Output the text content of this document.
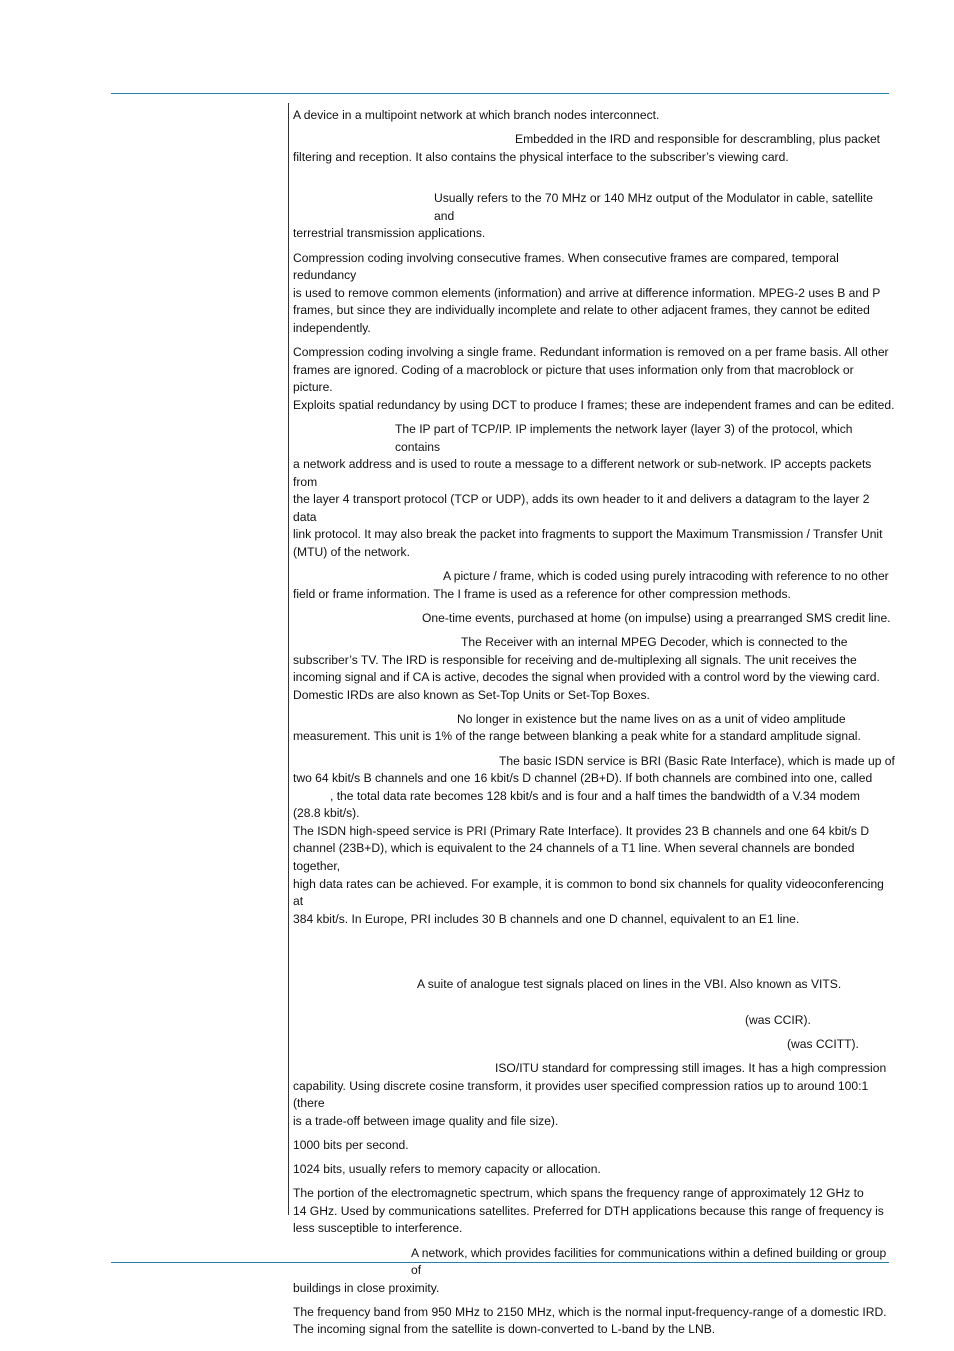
A device in a multipoint network at which branch nodes interconnect.
Embedded in the IRD and responsible for descrambling, plus packet
filtering and reception. It also contains the physical interface to the subscriber’s viewing card.
Usually refers to the 70 MHz or 140 MHz output of the Modulator in cable, satellite and
terrestrial transmission applications.
Compression coding involving consecutive frames. When consecutive frames are compared, temporal redundancy
is used to remove common elements (information) and arrive at difference information. MPEG-2 uses B and P
frames, but since they are individually incomplete and relate to other adjacent frames, they cannot be edited
independently.
Compression coding involving a single frame. Redundant information is removed on a per frame basis. All other
frames are ignored. Coding of a macroblock or picture that uses information only from that macroblock or picture.
Exploits spatial redundancy by using DCT to produce I frames; these are independent frames and can be edited.
The IP part of TCP/IP. IP implements the network layer (layer 3) of the protocol, which contains
a network address and is used to route a message to a different network or sub-network. IP accepts packets from
the layer 4 transport protocol (TCP or UDP), adds its own header to it and delivers a datagram to the layer 2 data
link protocol. It may also break the packet into fragments to support the Maximum Transmission / Transfer Unit
(MTU) of the network.
A picture / frame, which is coded using purely intracoding with reference to no other
field or frame information. The I frame is used as a reference for other compression methods.
One-time events, purchased at home (on impulse) using a prearranged SMS credit line.
The Receiver with an internal MPEG Decoder, which is connected to the
subscriber’s TV. The IRD is responsible for receiving and de-multiplexing all signals. The unit receives the
incoming signal and if CA is active, decodes the signal when provided with a control word by the viewing card.
Domestic IRDs are also known as Set-Top Units or Set-Top Boxes.
No longer in existence but the name lives on as a unit of video amplitude
measurement. This unit is 1% of the range between blanking a peak white for a standard amplitude signal.
The basic ISDN service is BRI (Basic Rate Interface), which is made up of
two 64 kbit/s B channels and one 16 kbit/s D channel (2B+D). If both channels are combined into one, called
, the total data rate becomes 128 kbit/s and is four and a half times the bandwidth of a V.34 modem
(28.8 kbit/s).
The ISDN high-speed service is PRI (Primary Rate Interface). It provides 23 B channels and one 64 kbit/s D
channel (23B+D), which is equivalent to the 24 channels of a T1 line. When several channels are bonded together,
high data rates can be achieved. For example, it is common to bond six channels for quality videoconferencing at
384 kbit/s. In Europe, PRI includes 30 B channels and one D channel, equivalent to an E1 line.
A suite of analogue test signals placed on lines in the VBI. Also known as VITS.
(was CCIR).
(was CCITT).
ISO/ITU standard for compressing still images. It has a high compression
capability. Using discrete cosine transform, it provides user specified compression ratios up to around 100:1 (there
is a trade-off between image quality and file size).
1000 bits per second.
1024 bits, usually refers to memory capacity or allocation.
The portion of the electromagnetic spectrum, which spans the frequency range of approximately 12 GHz to
14 GHz. Used by communications satellites. Preferred for DTH applications because this range of frequency is
less susceptible to interference.
A network, which provides facilities for communications within a defined building or group of
buildings in close proximity.
The frequency band from 950 MHz to 2150 MHz, which is the normal input-frequency-range of a domestic IRD.
The incoming signal from the satellite is down-converted to L-band by the LNB.
